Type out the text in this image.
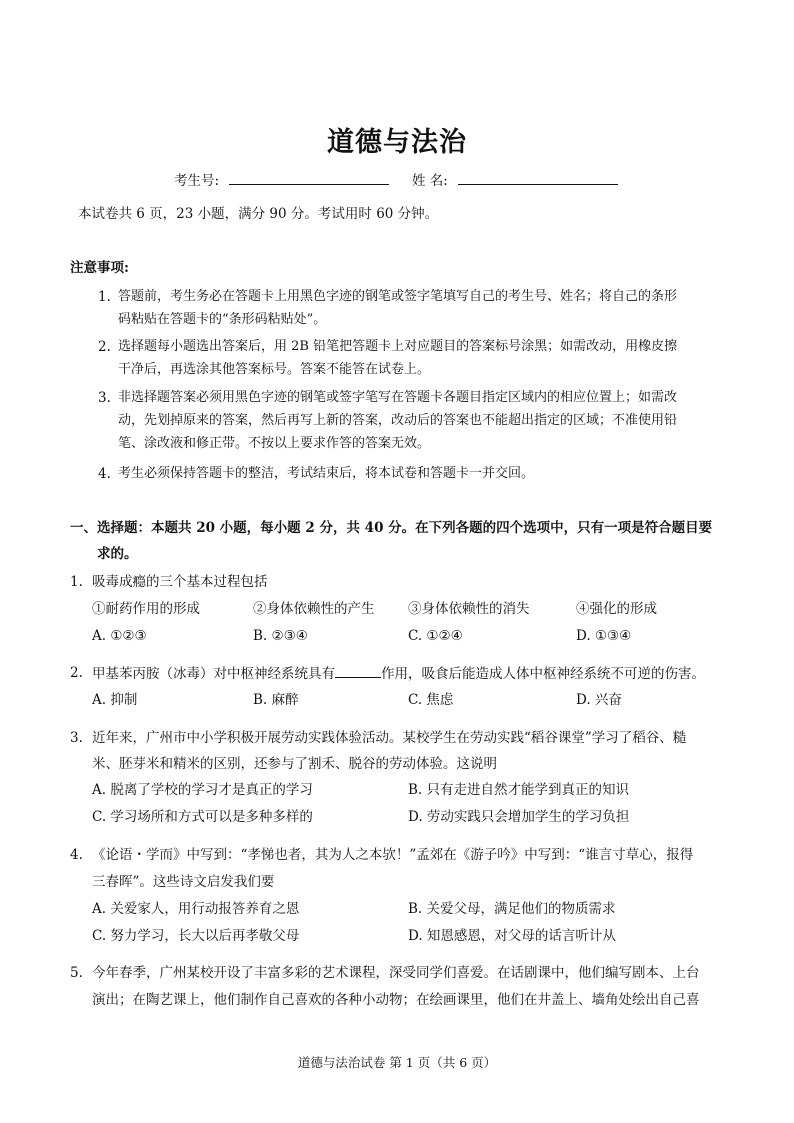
道德与法治
考生号:	姓 名:
本试卷共 6 页，23 小题，满分 90 分。考试用时 60 分钟。
注意事项:
1. 答题前，考生务必在答题卡上用黑色字迹的钢笔或签字笔填写自己的考生号、姓名；将自己的条形
码粘贴在答题卡的“条形码粘贴处”。
2. 选择题每小题选出答案后，用 2B 铅笔把答题卡上对应题目的答案标号涂黑；如需改动，用橡皮擦
干净后，再选涂其他答案标号。答案不能答在试卷上。
3. 非选择题答案必须用黑色字迹的钢笔或签字笔写在答题卡各题目指定区域内的相应位置上；如需改
动，先划掉原来的答案，然后再写上新的答案，改动后的答案也不能超出指定的区域；不准使用铅
笔、涂改液和修正带。不按以上要求作答的答案无效。
4. 考生必须保持答题卡的整洁，考试结束后，将本试卷和答题卡一并交回。
一、选择题：本题共 20 小题，每小题 2 分，共 40 分。在下列各题的四个选项中，只有一项是符合题目要
求的。
1. 吸毒成瘾的三个基本过程包括
①耐药作用的形成	②身体依赖性的产生 ③身体依赖性的消失	④强化的形成
A. ①②③	B. ②③④	C. ①②④	D. ①③④
2. 甲基苯丙胺（冰毒）对中枢神经系统具有	作用，吸食后能造成人体中枢神经系统不可逆的伤害。
A. 抑制	B. 麻醉	C. 焦虑	D. 兴奋
3. 近年来，广州市中小学积极开展劳动实践体验活动。某校学生在劳动实践“稻谷课堂”学习了稻谷、糙
米、胚芽米和精米的区别，还参与了割禾、脱谷的劳动体验。这说明
A. 脱离了学校的学习才是真正的学习	B. 只有走进自然才能学到真正的知识
C. 学习场所和方式可以是多种多样的	D. 劳动实践只会增加学生的学习负担
4. 《论语・学而》中写到：“孝悌也者，其为人之本欤！”孟郊在《游子吟》中写到：“谁言寸草心，报得
三春晖”。这些诗文启发我们要
A. 关爱家人，用行动报答养育之恩	B. 关爱父母，满足他们的物质需求
C. 努力学习，长大以后再孝敬父母	D. 知恩感恩，对父母的话言听计从
5. 今年春季，广州某校开设了丰富多彩的艺术课程，深受同学们喜爱。在话剧课中，他们编写剧本、上台
演出；在陶艺课上，他们制作自己喜欢的各种小动物；在绘画课里，他们在井盖上、墙角处绘出自己喜
道德与法治试卷 第 1 页（共 6 页）
